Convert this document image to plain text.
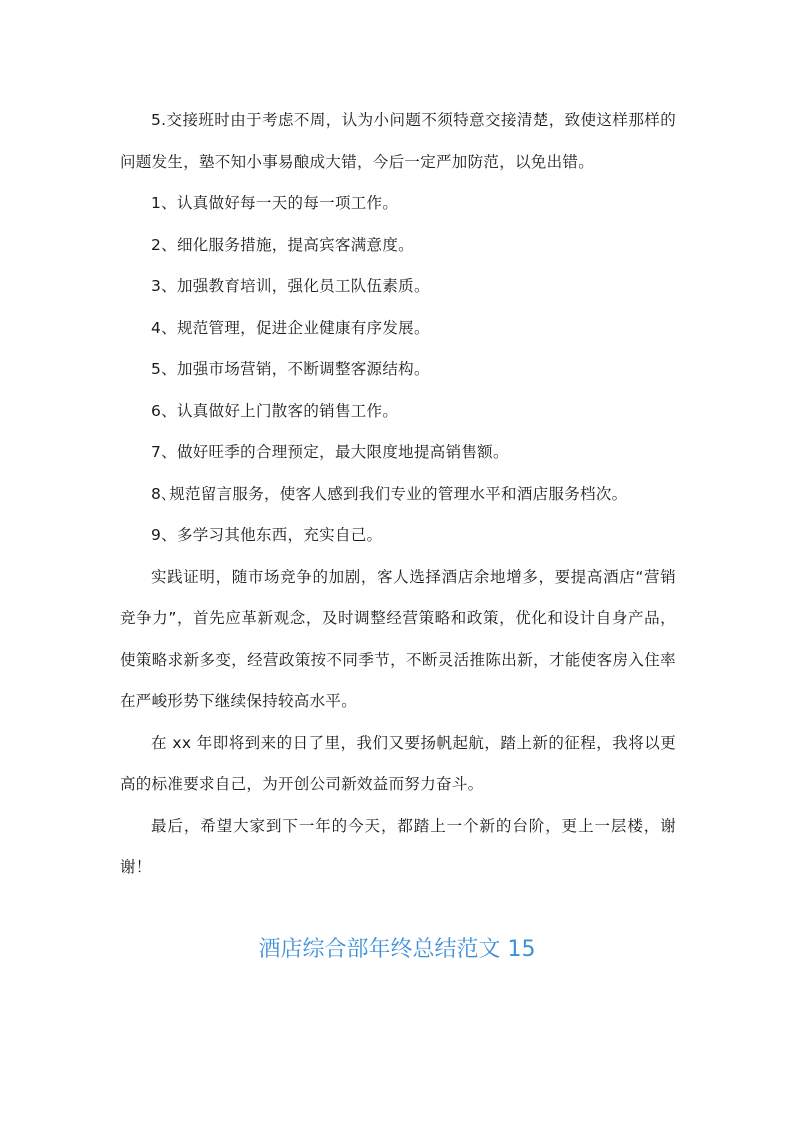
5.交接班时由于考虑不周，认为小问题不须特意交接清楚，致使这样那样的问题发生，塾不知小事易酿成大错，今后一定严加防范，以免出错。

1、认真做好每一天的每一项工作。

2、细化服务措施，提高宾客满意度。

3、加强教育培训，强化员工队伍素质。

4、规范管理，促进企业健康有序发展。

5、加强市场营销，不断调整客源结构。

6、认真做好上门散客的销售工作。

7、做好旺季的合理预定，最大限度地提高销售额。

8､规范留言服务，使客人感到我们专业的管理水平和酒店服务档次。

9、多学习其他东西，充实自己。

实践证明，随市场竞争的加剧，客人选择酒店余地增多，要提高酒店“营销竞争力”，首先应革新观念，及时调整经营策略和政策，优化和设计自身产品，使策略求新多变，经营政策按不同季节，不断灵活推陈出新，才能使客房入住率在严峻形势下继续保持较高水平。

在 xx 年即将到来的日了里，我们又要扬帆起航，踏上新的征程，我将以更高的标准要求自己，为开创公司新效益而努力奋斗。

最后，希望大家到下一年的今天，都踏上一个新的台阶，更上一层楼，谢谢！

酒店综合部年终总结范文 15
